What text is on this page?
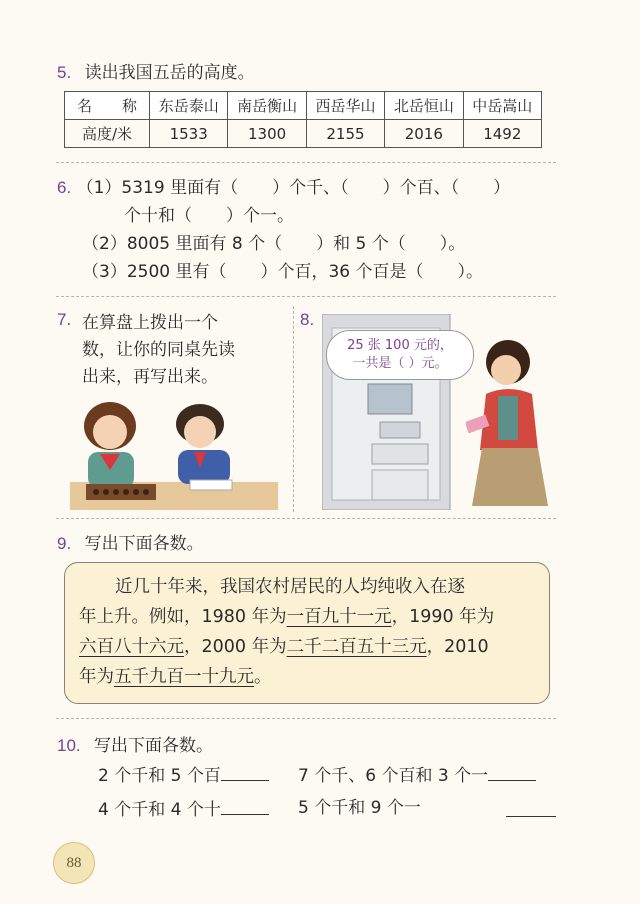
5. 读出我国五岳的高度。
名　　称	东岳泰山	南岳衡山	西岳华山	北岳恒山	中岳嵩山
高度/米	1533	1300	2155	2016	1492
6. （1）5319 里面有（　　）个千、（　　）个百、（　　）
个十和（　　）个一。
（2）8005 里面有 8 个（　　）和 5 个（　　）。
（3）2500 里有（　　）个百，36 个百是（　　）。
7. 在算盘上拨出一个
数，让你的同桌先读
出来，再写出来。
8.
25 张 100 元的，
一共是（ ）元。
9. 写出下面各数。
近几十年来，我国农村居民的人均纯收入在逐
年上升。例如，1980 年为一百九十一元，1990 年为
六百八十六元，2000 年为二千二百五十三元，2010
年为五千九百一十九元。
10. 写出下面各数。
2 个千和 5 个百	7 个千、6 个百和 3 个一
4 个千和 4 个十	5 个千和 9 个一
88
